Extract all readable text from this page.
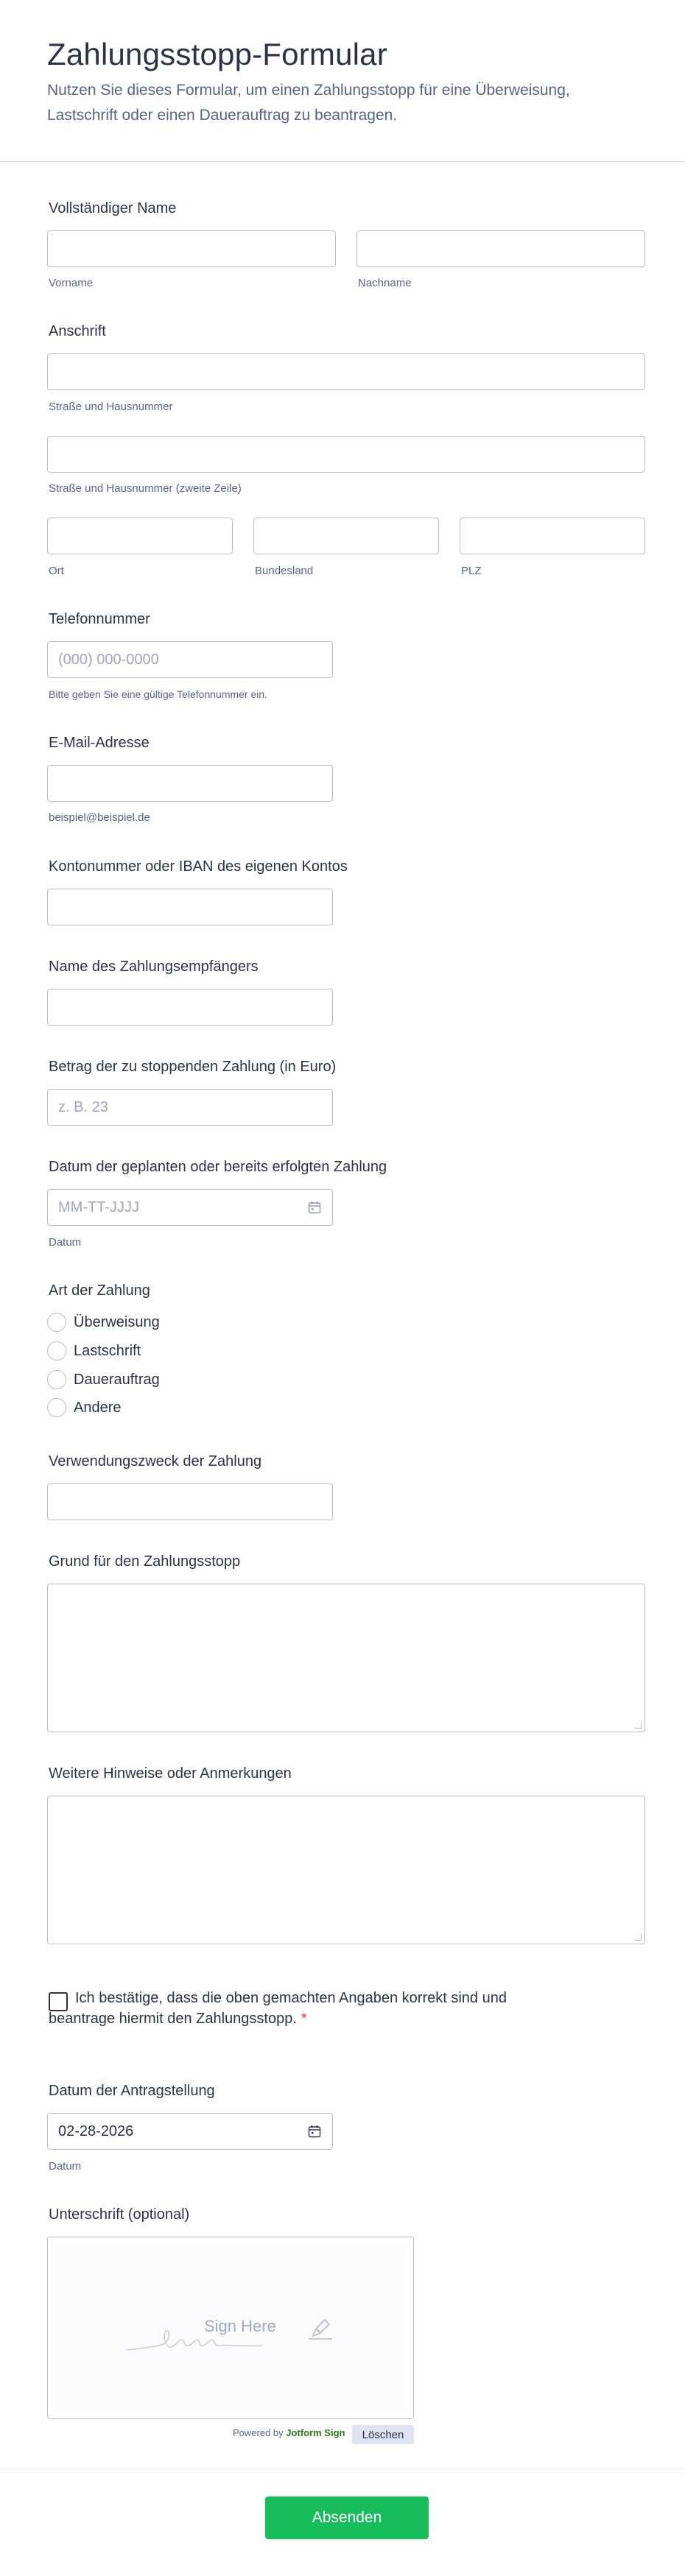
Zahlungsstopp-Formular

Nutzen Sie dieses Formular, um einen Zahlungsstopp für eine Überweisung, Lastschrift oder einen Dauerauftrag zu beantragen.

Vollständiger Name
Vorname	Nachname
Anschrift
Straße und Hausnummer
Straße und Hausnummer (zweite Zeile)
Ort	Bundesland	PLZ
Telefonnummer
(000) 000-0000
Bitte geben Sie eine gültige Telefonnummer ein.
E-Mail-Adresse
beispiel@beispiel.de
Kontonummer oder IBAN des eigenen Kontos
Name des Zahlungsempfängers
Betrag der zu stoppenden Zahlung (in Euro)
z. B. 23
Datum der geplanten oder bereits erfolgten Zahlung
MM-TT-JJJJ
Datum
Art der Zahlung
Überweisung
Lastschrift
Dauerauftrag
Andere
Verwendungszweck der Zahlung
Grund für den Zahlungsstopp
Weitere Hinweise oder Anmerkungen
Ich bestätige, dass die oben gemachten Angaben korrekt sind und beantrage hiermit den Zahlungsstopp. *
Datum der Antragstellung
02-28-2026
Datum
Unterschrift (optional)
Sign Here
Powered by Jotform Sign	Löschen
Absenden
